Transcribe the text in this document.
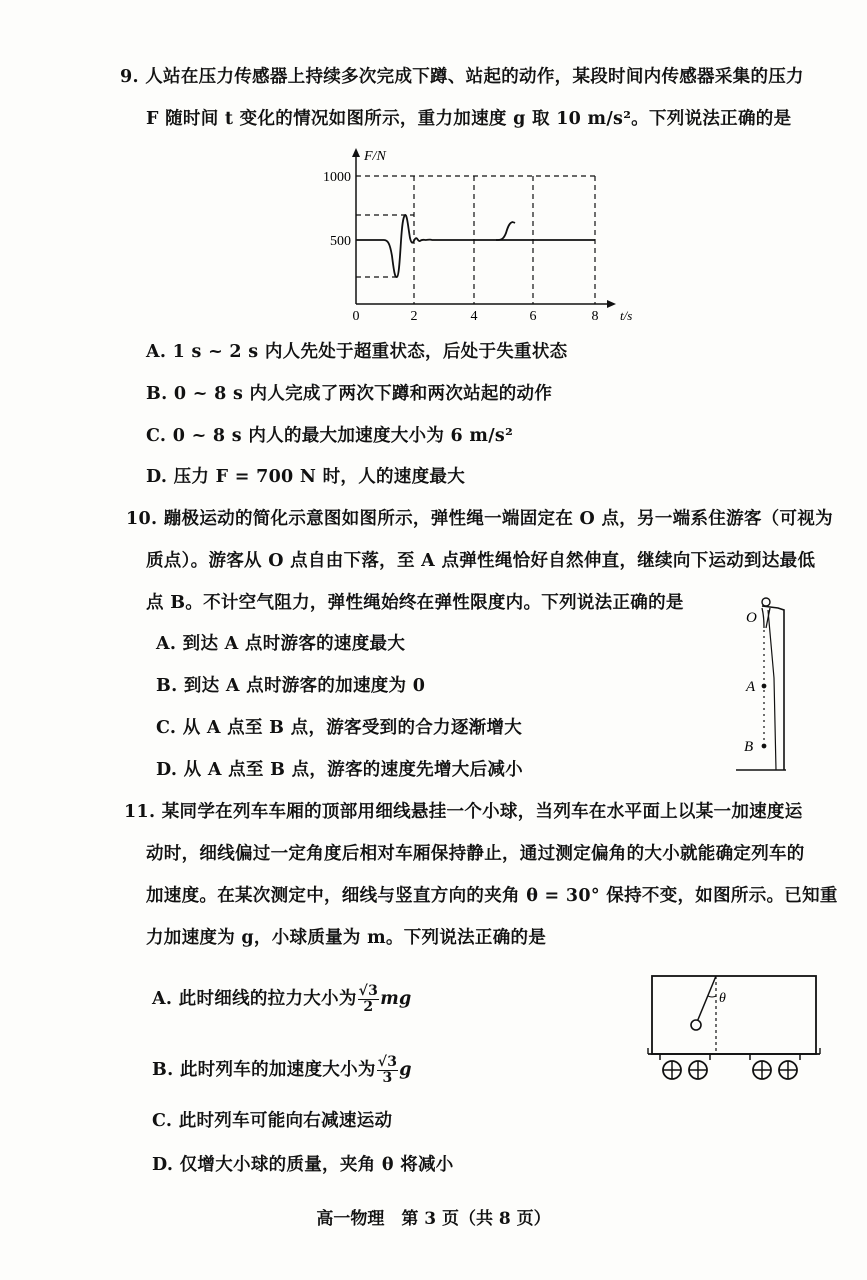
9. 人站在压力传感器上持续多次完成下蹲、站起的动作，某段时间内传感器采集的压力
F 随时间 t 变化的情况如图所示，重力加速度 g 取 10 m/s²。下列说法正确的是
F/N
1000
500
0	2	4	6	8 t/s
A. 1 s ~ 2 s 内人先处于超重状态，后处于失重状态
B. 0 ~ 8 s 内人完成了两次下蹲和两次站起的动作
C. 0 ~ 8 s 内人的最大加速度大小为 6 m/s²
D. 压力 F = 700 N 时，人的速度最大
10. 蹦极运动的简化示意图如图所示，弹性绳一端固定在 O 点，另一端系住游客（可视为
质点）。游客从 O 点自由下落，至 A 点弹性绳恰好自然伸直，继续向下运动到达最低
点 B。不计空气阻力，弹性绳始终在弹性限度内。下列说法正确的是
A. 到达 A 点时游客的速度最大
B. 到达 A 点时游客的加速度为 0
C. 从 A 点至 B 点，游客受到的合力逐渐增大
D. 从 A 点至 B 点，游客的速度先增大后减小
O
A
B
11. 某同学在列车车厢的顶部用细线悬挂一个小球，当列车在水平面上以某一加速度运
动时，细线偏过一定角度后相对车厢保持静止，通过测定偏角的大小就能确定列车的
加速度。在某次测定中，细线与竖直方向的夹角 θ = 30° 保持不变，如图所示。已知重
力加速度为 g，小球质量为 m。下列说法正确的是
A. 此时细线的拉力大小为 $\frac{√3}{2}$ mg
B. 此时列车的加速度大小为 $\frac{√3}{3}$ g
C. 此时列车可能向右减速运动
D. 仅增大小球的质量，夹角 θ 将减小
θ
高一物理　第 3 页（共 8 页）
